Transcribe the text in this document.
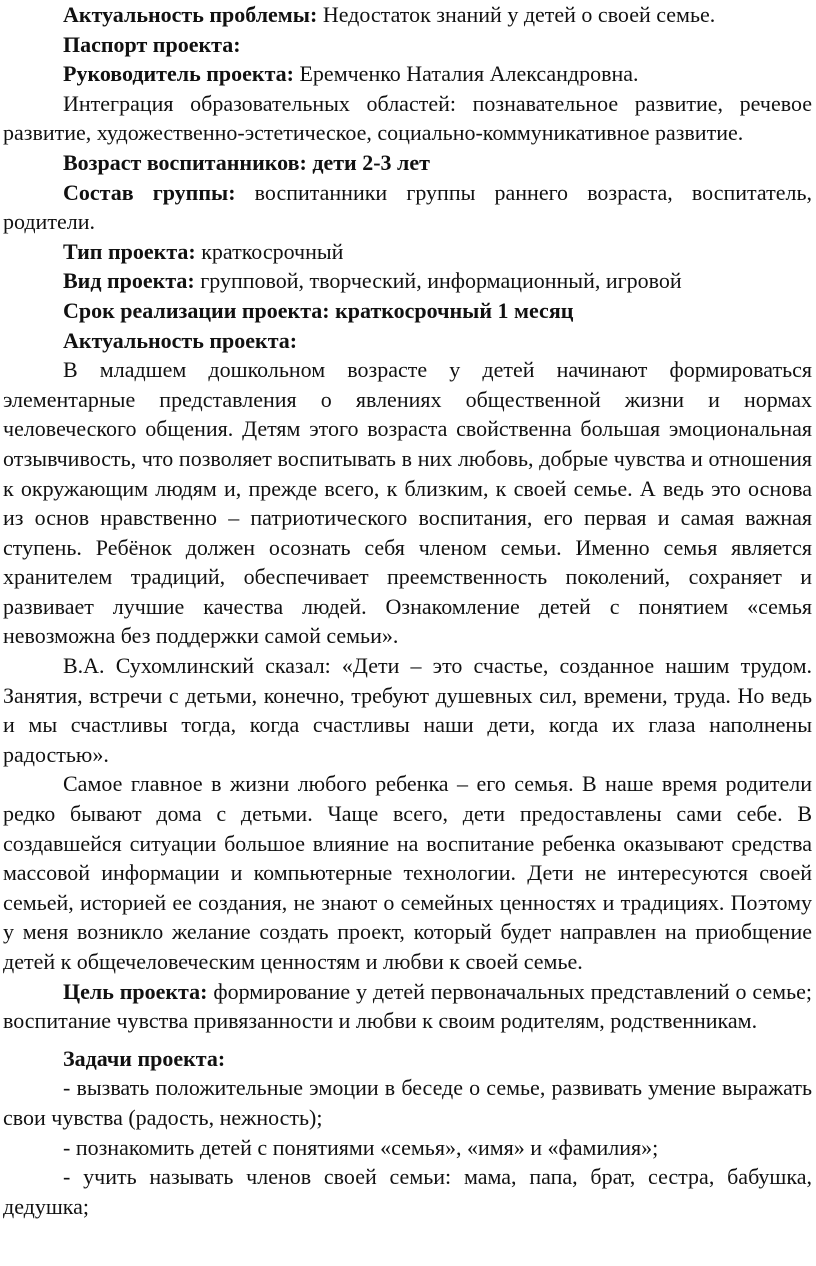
Актуальность проблемы: Недостаток знаний у детей о своей семье.

Паспорт проекта:

Руководитель проекта: Еремченко Наталия Александровна.

Интеграция образовательных областей: познавательное развитие, речевое развитие, художественно-эстетическое, социально-коммуникативное развитие.

Возраст воспитанников: дети 2-3 лет

Состав группы: воспитанники группы раннего возраста, воспитатель, родители.

Тип проекта: краткосрочный

Вид проекта: групповой, творческий, информационный, игровой

Срок реализации проекта: краткосрочный 1 месяц

Актуальность проекта:

В младшем дошкольном возрасте у детей начинают формироваться элементарные представления о явлениях общественной жизни и нормах человеческого общения. Детям этого возраста свойственна большая эмоциональная отзывчивость, что позволяет воспитывать в них любовь, добрые чувства и отношения к окружающим людям и, прежде всего, к близким, к своей семье. А ведь это основа из основ нравственно – патриотического воспитания, его первая и самая важная ступень. Ребёнок должен осознать себя членом семьи. Именно семья является хранителем традиций, обеспечивает преемственность поколений, сохраняет и развивает лучшие качества людей. Ознакомление детей с понятием «семья невозможна без поддержки самой семьи».

В.А. Сухомлинский сказал: «Дети – это счастье, созданное нашим трудом. Занятия, встречи с детьми, конечно, требуют душевных сил, времени, труда. Но ведь и мы счастливы тогда, когда счастливы наши дети, когда их глаза наполнены радостью».

Самое главное в жизни любого ребенка – его семья. В наше время родители редко бывают дома с детьми. Чаще всего, дети предоставлены сами себе. В создавшейся ситуации большое влияние на воспитание ребенка оказывают средства массовой информации и компьютерные технологии. Дети не интересуются своей семьей, историей ее создания, не знают о семейных ценностях и традициях. Поэтому у меня возникло желание создать проект, который будет направлен на приобщение детей к общечеловеческим ценностям и любви к своей семье.

Цель проекта: формирование у детей первоначальных представлений о семье; воспитание чувства привязанности и любви к своим родителям, родственникам.

Задачи проекта:

- вызвать положительные эмоции в беседе о семье, развивать умение выражать свои чувства (радость, нежность);

- познакомить детей с понятиями «семья», «имя» и «фамилия»;

- учить называть членов своей семьи: мама, папа, брат, сестра, бабушка, дедушка;
